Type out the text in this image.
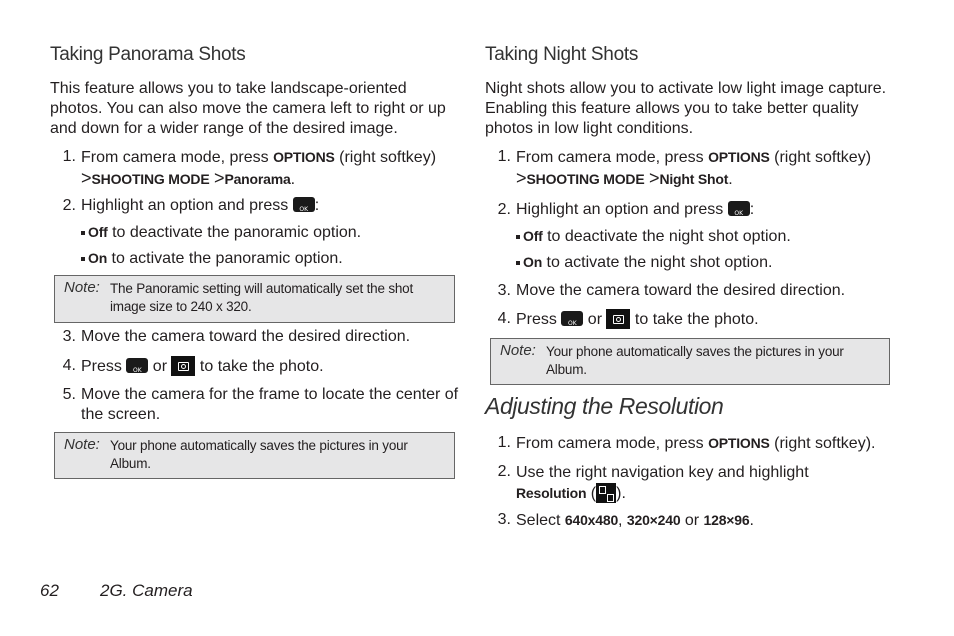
Taking Panorama Shots
This feature allows you to take landscape-oriented photos. You can also move the camera left to right or up and down for a wider range of the desired image.
1. From camera mode, press OPTIONS (right softkey)
>SHOOTING MODE >Panorama.
2. Highlight an option and press OK:
Off to deactivate the panoramic option.
On to activate the panoramic option.
Note: The Panoramic setting will automatically set the shot image size to 240 x 320.
3. Move the camera toward the desired direction.
4. Press OK or  to take the photo.
5. Move the camera for the frame to locate the center of the screen.
Note: Your phone automatically saves the pictures in your Album.
Taking Night Shots
Night shots allow you to activate low light image capture. Enabling this feature allows you to take better quality photos in low light conditions.
1. From camera mode, press OPTIONS (right softkey)
>SHOOTING MODE >Night Shot.
2. Highlight an option and press OK:
Off to deactivate the night shot option.
On to activate the night shot option.
3. Move the camera toward the desired direction.
4. Press OK or  to take the photo.
Note: Your phone automatically saves the pictures in your Album.
Adjusting the Resolution
1. From camera mode, press OPTIONS (right softkey).
2. Use the right navigation key and highlight
Resolution ( ).
3. Select 640x480, 320×240 or 128×96.
62 2G. Camera
